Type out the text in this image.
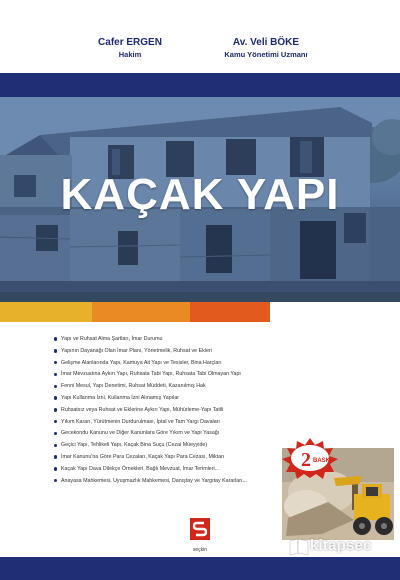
Cafer ERGEN
Hakim
Av. Veli BÖKE
Kamu Yönetimi Uzmanı
KAÇAK YAPI
Yapı ve Ruhsat Alma Şartları, İmar Durumu
Yapının Dayanağı Olan İmar Planı, Yönetmelik, Ruhsat ve Ekleri
Gelişme Alanlarında Yapı, Kamuya Ait Yapı ve Tesisler, Bina Harçları
İmar Mevzuatına Aykırı Yapı, Ruhsata Tabi Yapı, Ruhsata Tabi Olmayan Yapı
Fenni Mesul, Yapı Denetimi, Ruhsat Müddeti, Kazanılmış Hak
Yapı Kullanma İzni, Kullanma İzni Alınamış Yapılar
Ruhsatsız veya Ruhsat ve Eklerine Aykırı Yapı, Mühürleme-Yapı Tatili
Yıkım Kararı, Yürütmenin Durdurulması, İptal ve Tam Yargı Davaları
Gecekondu Kanunu ve Diğer Kanunlara Göre Yıkım ve Yapı Yasağı
Geçici Yapı, Tehlikeli Yapı, Kaçak Bina Suçu (Cezai Müeyyide)
İmar Kanunu'na Göre Para Cezaları, Kaçak Yapı Para Cezası, Miktarı
Kaçak Yapı Dava Dilekçe Örnekleri, Bağlı Mevzuat, İmar Terimleri...
Anayasa Mahkemesi, Uyuşmazlık Mahkemesi, Danıştay ve Yargıtay Kararları...
2 BASKI
seçkin	kitapsec
